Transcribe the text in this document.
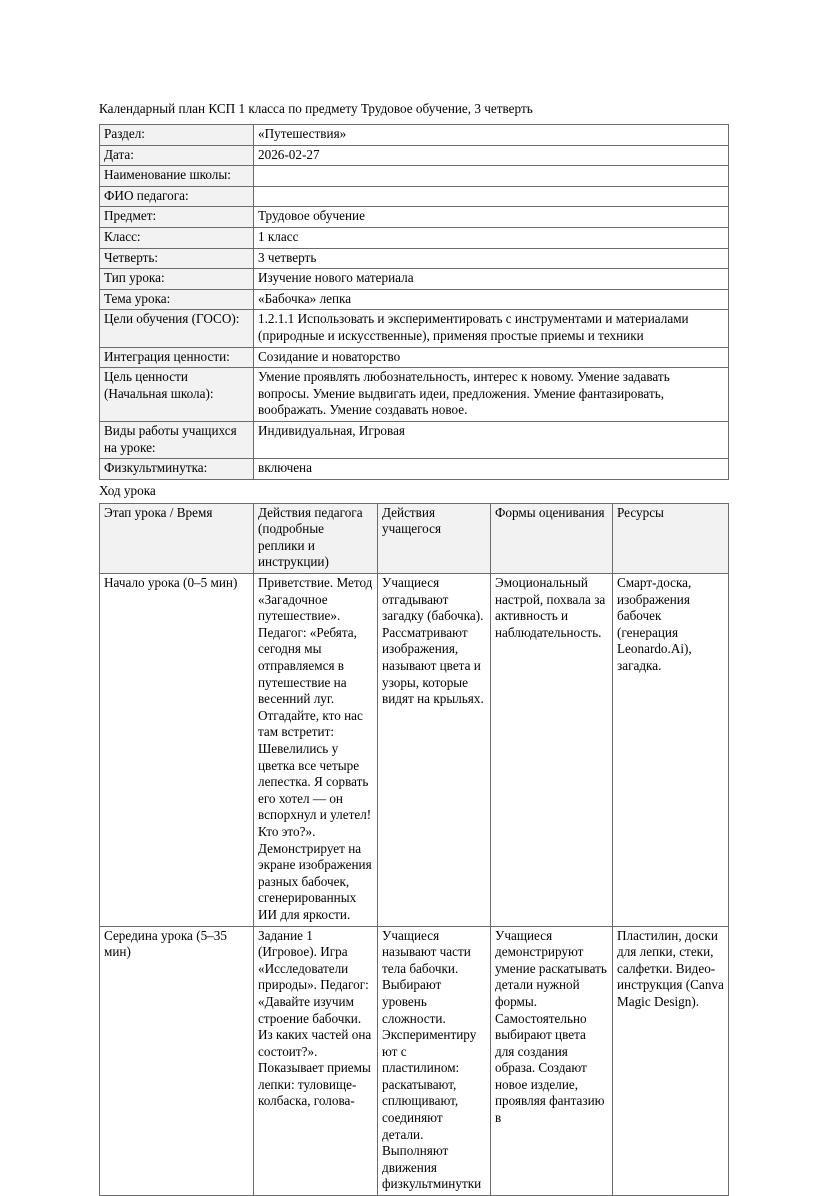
Календарный план КСП 1 класса по предмету Трудовое обучение, 3 четверть
Раздел:	«Путешествия»
Дата:	2026-02-27
Наименование школы:	
ФИО педагога:	
Предмет:	Трудовое обучение
Класс:	1 класс
Четверть:	3 четверть
Тип урока:	Изучение нового материала
Тема урока:	«Бабочка» лепка
Цели обучения (ГОСО):	1.2.1.1 Использовать и экспериментировать с инструментами и материалами (природные и искусственные), применяя простые приемы и техники
Интеграция ценности:	Созидание и новаторство
Цель ценности (Начальная школа):	Умение проявлять любознательность, интерес к новому. Умение задавать вопросы. Умение выдвигать идеи, предложения. Умение фантазировать, воображать. Умение создавать новое.
Виды работы учащихся на уроке:	Индивидуальная, Игровая
Физкультминутка:	включена
Ход урока
Этап урока / Время	Действия педагога (подробные реплики и инструкции)	Действия учащегося	Формы оценивания	Ресурсы
Начало урока (0–5 мин)	Приветствие. Метод «Загадочное путешествие». Педагог: «Ребята, сегодня мы отправляемся в путешествие на весенний луг. Отгадайте, кто нас там встретит: Шевелились у цветка все четыре лепестка. Я сорвать его хотел — он вспорхнул и улетел! Кто это?». Демонстрирует на экране изображения разных бабочек, сгенерированных ИИ для яркости.	Учащиеся отгадывают загадку (бабочка). Рассматривают изображения, называют цвета и узоры, которые видят на крыльях.	Эмоциональный настрой, похвала за активность и наблюдательность.	Смарт-доска, изображения бабочек (генерация Leonardo.Ai), загадка.
Середина урока (5–35 мин)	Задание 1 (Игровое). Игра «Исследователи природы». Педагог: «Давайте изучим строение бабочки. Из каких частей она состоит?». Показывает приемы лепки: туловище-колбаска, голова-	Учащиеся называют части тела бабочки. Выбирают уровень сложности. Экспериментируют с пластилином: раскатывают, сплющивают, соединяют детали. Выполняют движения физкультминутки	Учащиеся демонстрируют умение раскатывать детали нужной формы. Самостоятельно выбирают цвета для создания образа. Создают новое изделие, проявляя фантазию в	Пластилин, доски для лепки, стеки, салфетки. Видео-инструкция (Canva Magic Design).
